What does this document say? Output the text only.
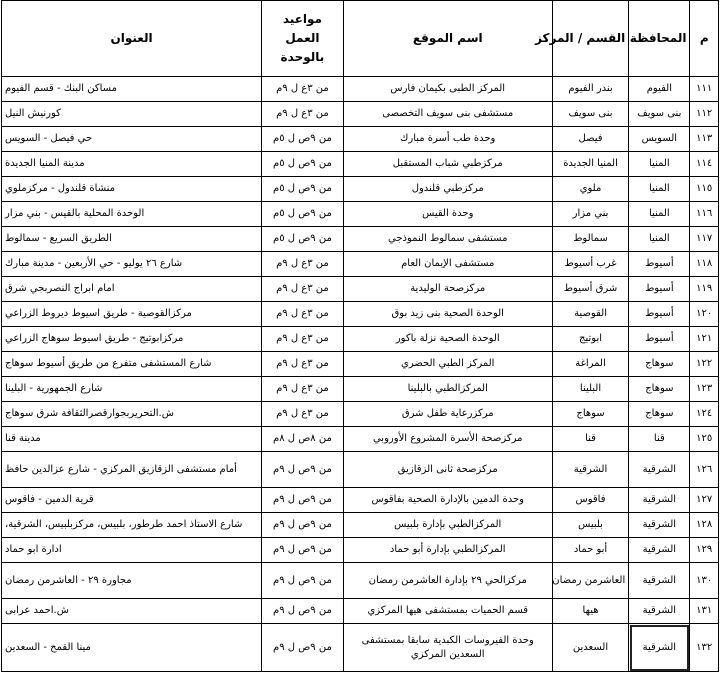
م	المحافظة	القسم / المركز	اسم الموقع	مواعيد العمل بالوحدة	العنوان
١١١	الفيوم	بندر الفيوم	المركز الطبى بكيمان فارس	من ٣ع ل ٩م	مساكن البنك - قسم الفيوم
١١٢	بنى سويف	بنى سويف	مستشفى بنى سويف التخصصى	من ٣ع ل ٩م	كورنيش النيل
١١٣	السويس	فيصل	وحدة طب أسرة مبارك	من ٩ص ل ٥م	حي فيصل - السويس
١١٤	المنيا	المنيا الجديدة	مركزطبي شباب المستقبل	من ٩ص ل ٥م	مدينة المنيا الجديدة
١١٥	المنيا	ملوي	مركزطبي قلندول	من ٩ص ل ٥م	منشاة قلندول - مركزملوي
١١٦	المنيا	بني مزار	وحدة القيس	من ٩ص ل ٥م	الوحدة المحلية بالقيس - بني مزار
١١٧	المنيا	سمالوط	مستشفى سمالوط النموذجي	من ٩ص ل ٥م	الطريق السريع - سمالوط
١١٨	أسيوط	غرب أسيوط	مستشفى الإيمان العام	من ٣ع ل ٩م	شارع ٢٦ يوليو - حي الأربعين - مدينة مبارك
١١٩	أسيوط	شرق أسيوط	مركزصحة الوليدية	من ٣ع ل ٩م	امام ابراج النصربجي شرق
١٢٠	أسيوط	القوصية	الوحدة الصحية بنى زيد بوق	من ٣ع ل ٩م	مركزالقوصية - طريق اسيوط ديروط الزراعي
١٢١	أسيوط	ابوتيج	الوحدة الصحية نزلة باكور	من ٣ع ل ٩م	مركزابوتيج - طريق اسيوط سوهاج الزراعي
١٢٢	سوهاج	المراغة	المركز الطبي الحضري	من ٣ع ل ٩م	شارع المستشفى متفرع من طريق أسيوط سوهاج
١٢٣	سوهاج	البلينا	المركزالطبي بالبلينا	من ٣ع ل ٩م	شارع الجمهورية - البلينا
١٢٤	سوهاج	سوهاج	مركزرعاية طفل شرق	من ٣ع ل ٩م	ش.التحريربجوارقصرالثقافة شرق سوهاج
١٢٥	قنا	قنا	مركزصحة الأسرة المشروع الأوروبي	من ٨ص ل ٨م	مدينة قنا
١٢٦	الشرقية	الشرقية	مركزصحة ثانى الزقازيق	من ٩ص ل ٩م	أمام مستشفى الزقازيق المركزي - شارع عزالدين حافظ
١٢٧	الشرقية	فاقوس	وحدة الدمين بالإدارة الصحية بفاقوس	من ٩ص ل ٩م	قرية الدمين - فاقوس
١٢٨	الشرقية	بلبيس	المركزالطبي بإدارة بلبيس	من ٩ص ل ٩م	شارع الاستاذ احمد طرطور، بلبيس، مركزبلبيس، الشرقية،
١٢٩	الشرقية	أبو حماد	المركزالطبي بإدارة أبو حماد	من ٩ص ل ٩م	ادارة ابو حماد
١٣٠	الشرقية	العاشرمن رمضان	مركزالحي ٢٩ بإدارة العاشرمن رمضان	من ٩ص ل ٩م	مجاورة ٢٩ - العاشرمن رمضان
١٣١	الشرقية	هيها	قسم الحميات بمستشفى هيها المركزي	من ٩ص ل ٩م	ش.احمد عرابى
١٣٢	الشرقية	السعدين	وحدة الفيروسات الكبدية سابقا بمستشفى السعدين المركزي	من ٩ص ل ٩م	مينا القمح - السعدين
